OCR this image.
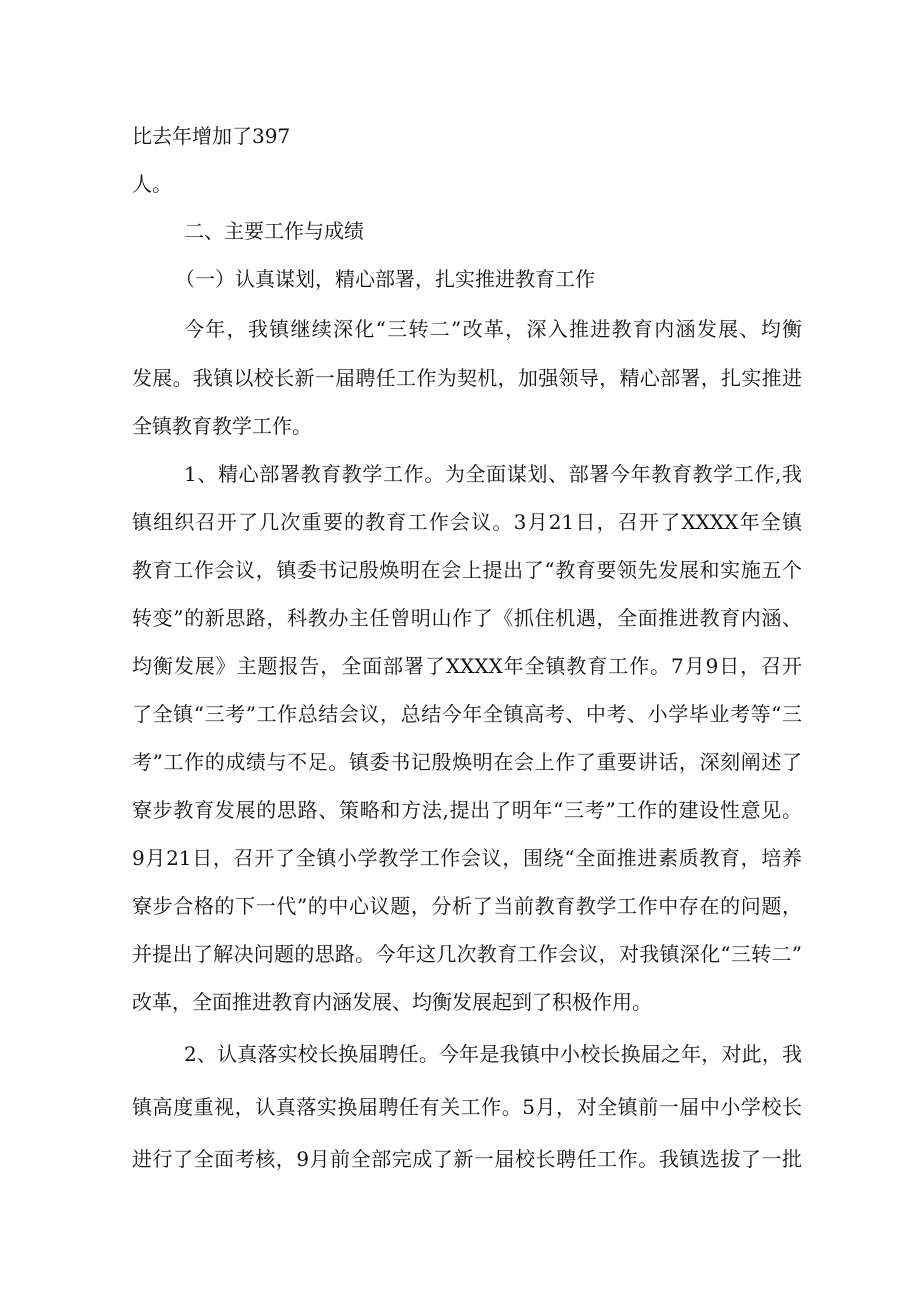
比去年增加了397
人。
二、主要工作与成绩
（一）认真谋划，精心部署，扎实推进教育工作
今年，我镇继续深化“三转二”改革，深入推进教育内涵发展、均衡
发展。我镇以校长新一届聘任工作为契机，加强领导，精心部署，扎实推进
全镇教育教学工作。
1、精心部署教育教学工作。为全面谋划、部署今年教育教学工作,我
镇组织召开了几次重要的教育工作会议。3月21日，召开了XXXX年全镇
教育工作会议，镇委书记殷焕明在会上提出了“教育要领先发展和实施五个
转变”的新思路，科教办主任曾明山作了《抓住机遇，全面推进教育内涵、
均衡发展》主题报告，全面部署了XXXX年全镇教育工作。7月9日，召开
了全镇“三考”工作总结会议，总结今年全镇高考、中考、小学毕业考等“三
考”工作的成绩与不足。镇委书记殷焕明在会上作了重要讲话，深刻阐述了
寮步教育发展的思路、策略和方法,提出了明年“三考”工作的建设性意见。
9月21日，召开了全镇小学教学工作会议，围绕“全面推进素质教育，培养
寮步合格的下一代”的中心议题，分析了当前教育教学工作中存在的问题，
并提出了解决问题的思路。今年这几次教育工作会议，对我镇深化“三转二”
改革，全面推进教育内涵发展、均衡发展起到了积极作用。
2、认真落实校长换届聘任。今年是我镇中小校长换届之年，对此，我
镇高度重视，认真落实换届聘任有关工作。5月，对全镇前一届中小学校长
进行了全面考核，9月前全部完成了新一届校长聘任工作。我镇选拔了一批
